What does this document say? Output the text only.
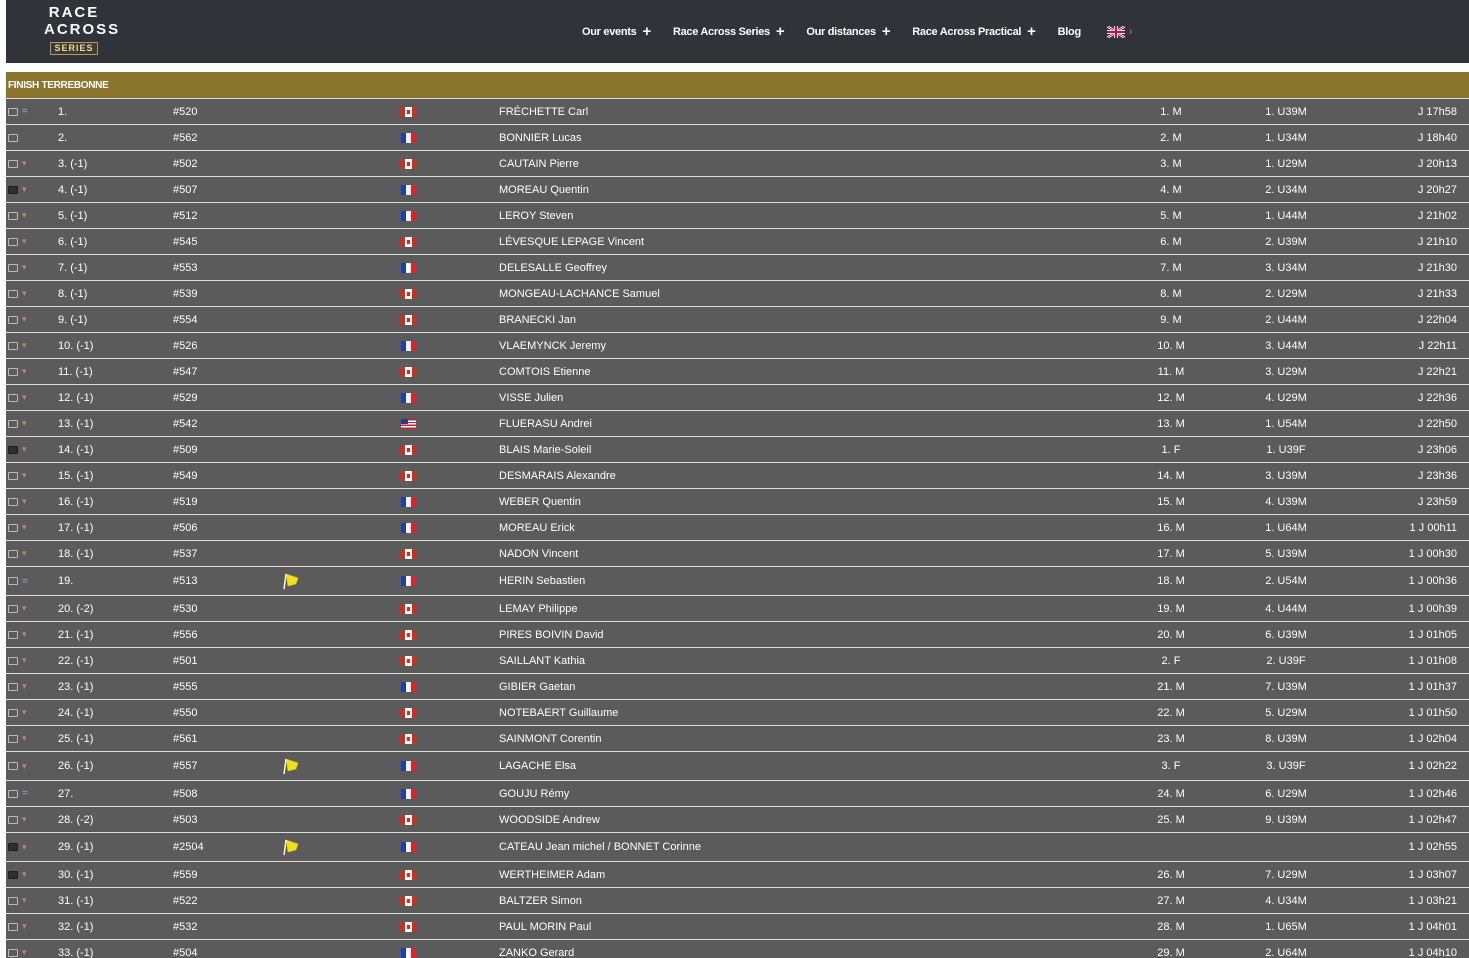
RACE
ACROSS
SERIES
Our events + Race Across Series + Our distances + Race Across Practical + Blog	›
FINISH TERREBONNE
=	1.	#520	FRÉCHETTE Carl	1. M	1. U39M	J 17h58
2.	#562	BONNIER Lucas	2. M	1. U34M	J 18h40
▾	3. (-1)	#502	CAUTAIN Pierre	3. M	1. U29M	J 20h13
▾	4. (-1)	#507	MOREAU Quentin	4. M	2. U34M	J 20h27
▾	5. (-1)	#512	LEROY Steven	5. M	1. U44M	J 21h02
▾	6. (-1)	#545	LÉVESQUE LEPAGE Vincent	6. M	2. U39M	J 21h10
▾	7. (-1)	#553	DELESALLE Geoffrey	7. M	3. U34M	J 21h30
▾	8. (-1)	#539	MONGEAU-LACHANCE Samuel	8. M	2. U29M	J 21h33
▾	9. (-1)	#554	BRANECKI Jan	9. M	2. U44M	J 22h04
▾	10. (-1)	#526	VLAEMYNCK Jeremy	10. M	3. U44M	J 22h11
▾	11. (-1)	#547	COMTOIS Etienne	11. M	3. U29M	J 22h21
▾	12. (-1)	#529	VISSE Julien	12. M	4. U29M	J 22h36
▾	13. (-1)	#542	FLUERASU Andrei	13. M	1. U54M	J 22h50
▾	14. (-1)	#509	BLAIS Marie-Soleil	1. F	1. U39F	J 23h06
▾	15. (-1)	#549	DESMARAIS Alexandre	14. M	3. U39M	J 23h36
▾	16. (-1)	#519	WEBER Quentin	15. M	4. U39M	J 23h59
▾	17. (-1)	#506	MOREAU Erick	16. M	1. U64M	1 J 00h11
▾	18. (-1)	#537	NADON Vincent	17. M	5. U39M	1 J 00h30
=	19.	#513	HERIN Sebastien	18. M	2. U54M	1 J 00h36
▾	20. (-2)	#530	LEMAY Philippe	19. M	4. U44M	1 J 00h39
▾	21. (-1)	#556	PIRES BOIVIN David	20. M	6. U39M	1 J 01h05
▾	22. (-1)	#501	SAILLANT Kathia	2. F	2. U39F	1 J 01h08
▾	23. (-1)	#555	GIBIER Gaetan	21. M	7. U39M	1 J 01h37
▾	24. (-1)	#550	NOTEBAERT Guillaume	22. M	5. U29M	1 J 01h50
▾	25. (-1)	#561	SAINMONT Corentin	23. M	8. U39M	1 J 02h04
▾	26. (-1)	#557	LAGACHE Elsa	3. F	3. U39F	1 J 02h22
=	27.	#508	GOUJU Rémy	24. M	6. U29M	1 J 02h46
▾	28. (-2)	#503	WOODSIDE Andrew	25. M	9. U39M	1 J 02h47
▾	29. (-1)	#2504	CATEAU Jean michel / BONNET Corinne	1 J 02h55
▾	30. (-1)	#559	WERTHEIMER Adam	26. M	7. U29M	1 J 03h07
▾	31. (-1)	#522	BALTZER Simon	27. M	4. U34M	1 J 03h21
▾	32. (-1)	#532	PAUL MORIN Paul	28. M	1. U65M	1 J 04h01
▾	33. (-1)	#504	ZANKO Gerard	29. M	2. U64M	1 J 04h10
